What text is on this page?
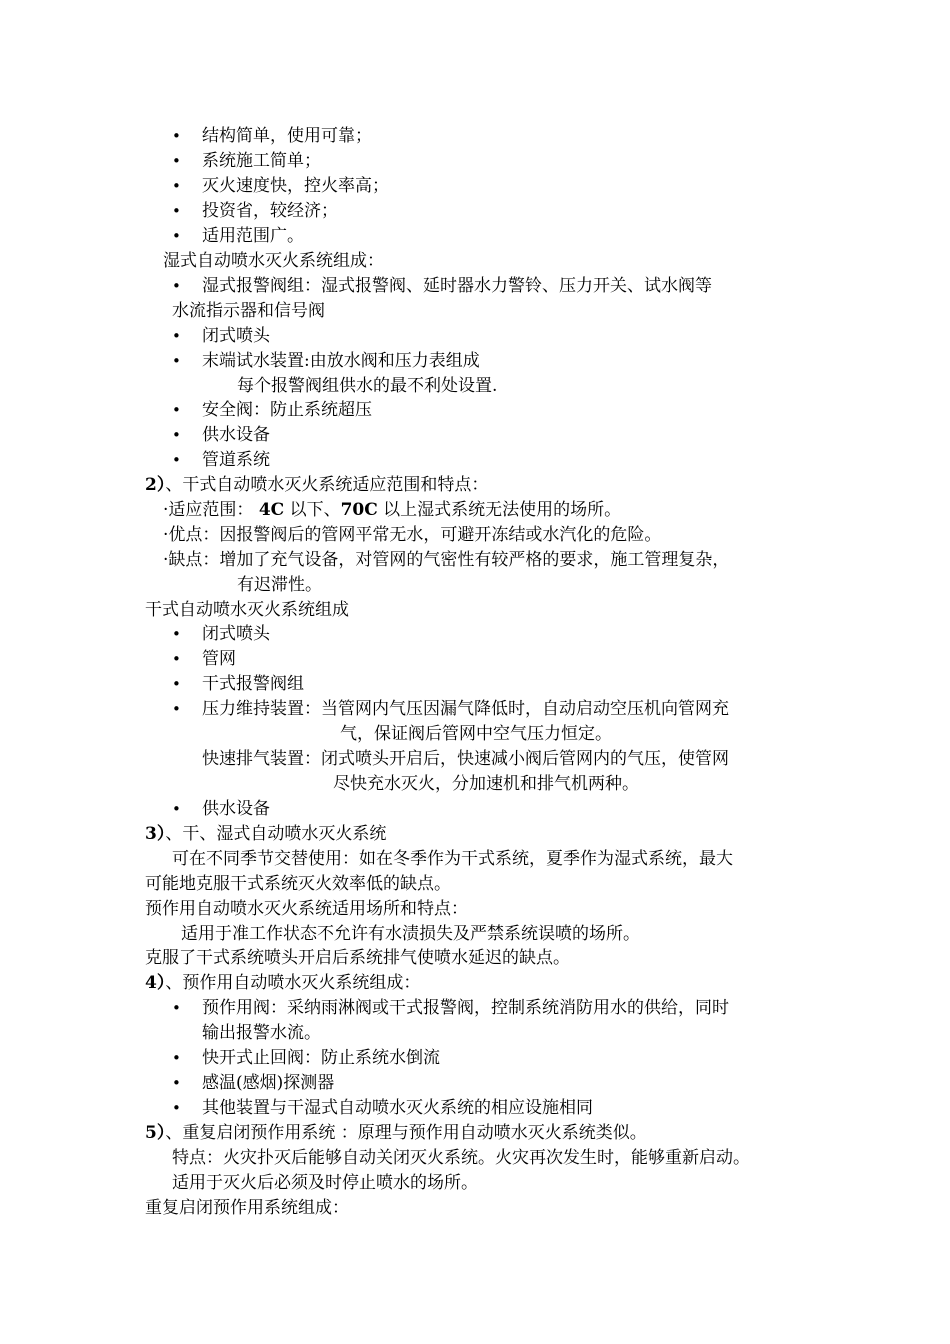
• 结构简单，使用可靠；
• 系统施工简单；
• 灭火速度快，控火率高；
• 投资省，较经济；
• 适用范围广。
湿式自动喷水灭火系统组成：
• 湿式报警阀组：湿式报警阀、延时器水力警铃、压力开关、试水阀等
水流指示器和信号阀
• 闭式喷头
• 末端试水装置:由放水阀和压力表组成
每个报警阀组供水的最不利处设置.
• 安全阀：防止系统超压
• 供水设备
• 管道系统
2）、干式自动喷水灭火系统适应范围和特点：
·适应范围： 4C 以下、70C 以上湿式系统无法使用的场所。
·优点：因报警阀后的管网平常无水，可避开冻结或水汽化的危险。
·缺点：增加了充气设备，对管网的气密性有较严格的要求，施工管理复杂，
有迟滞性。
干式自动喷水灭火系统组成
• 闭式喷头
• 管网
• 干式报警阀组
• 压力维持装置：当管网内气压因漏气降低时，自动启动空压机向管网充
气，保证阀后管网中空气压力恒定。
快速排气装置：闭式喷头开启后，快速减小阀后管网内的气压，使管网
尽快充水灭火，分加速机和排气机两种。
• 供水设备
3）、干、湿式自动喷水灭火系统
可在不同季节交替使用：如在冬季作为干式系统，夏季作为湿式系统，最大
可能地克服干式系统灭火效率低的缺点。
预作用自动喷水灭火系统适用场所和特点：
适用于准工作状态不允许有水渍损失及严禁系统误喷的场所。
克服了干式系统喷头开启后系统排气使喷水延迟的缺点。
4）、预作用自动喷水灭火系统组成：
• 预作用阀：采纳雨淋阀或干式报警阀，控制系统消防用水的供给，同时
输出报警水流。
• 快开式止回阀：防止系统水倒流
• 感温(感烟)探测器
• 其他装置与干湿式自动喷水灭火系统的相应设施相同
5）、重复启闭预作用系统 ：原理与预作用自动喷水灭火系统类似。
特点：火灾扑灭后能够自动关闭灭火系统。火灾再次发生时，能够重新启动。
适用于灭火后必须及时停止喷水的场所。
重复启闭预作用系统组成：
